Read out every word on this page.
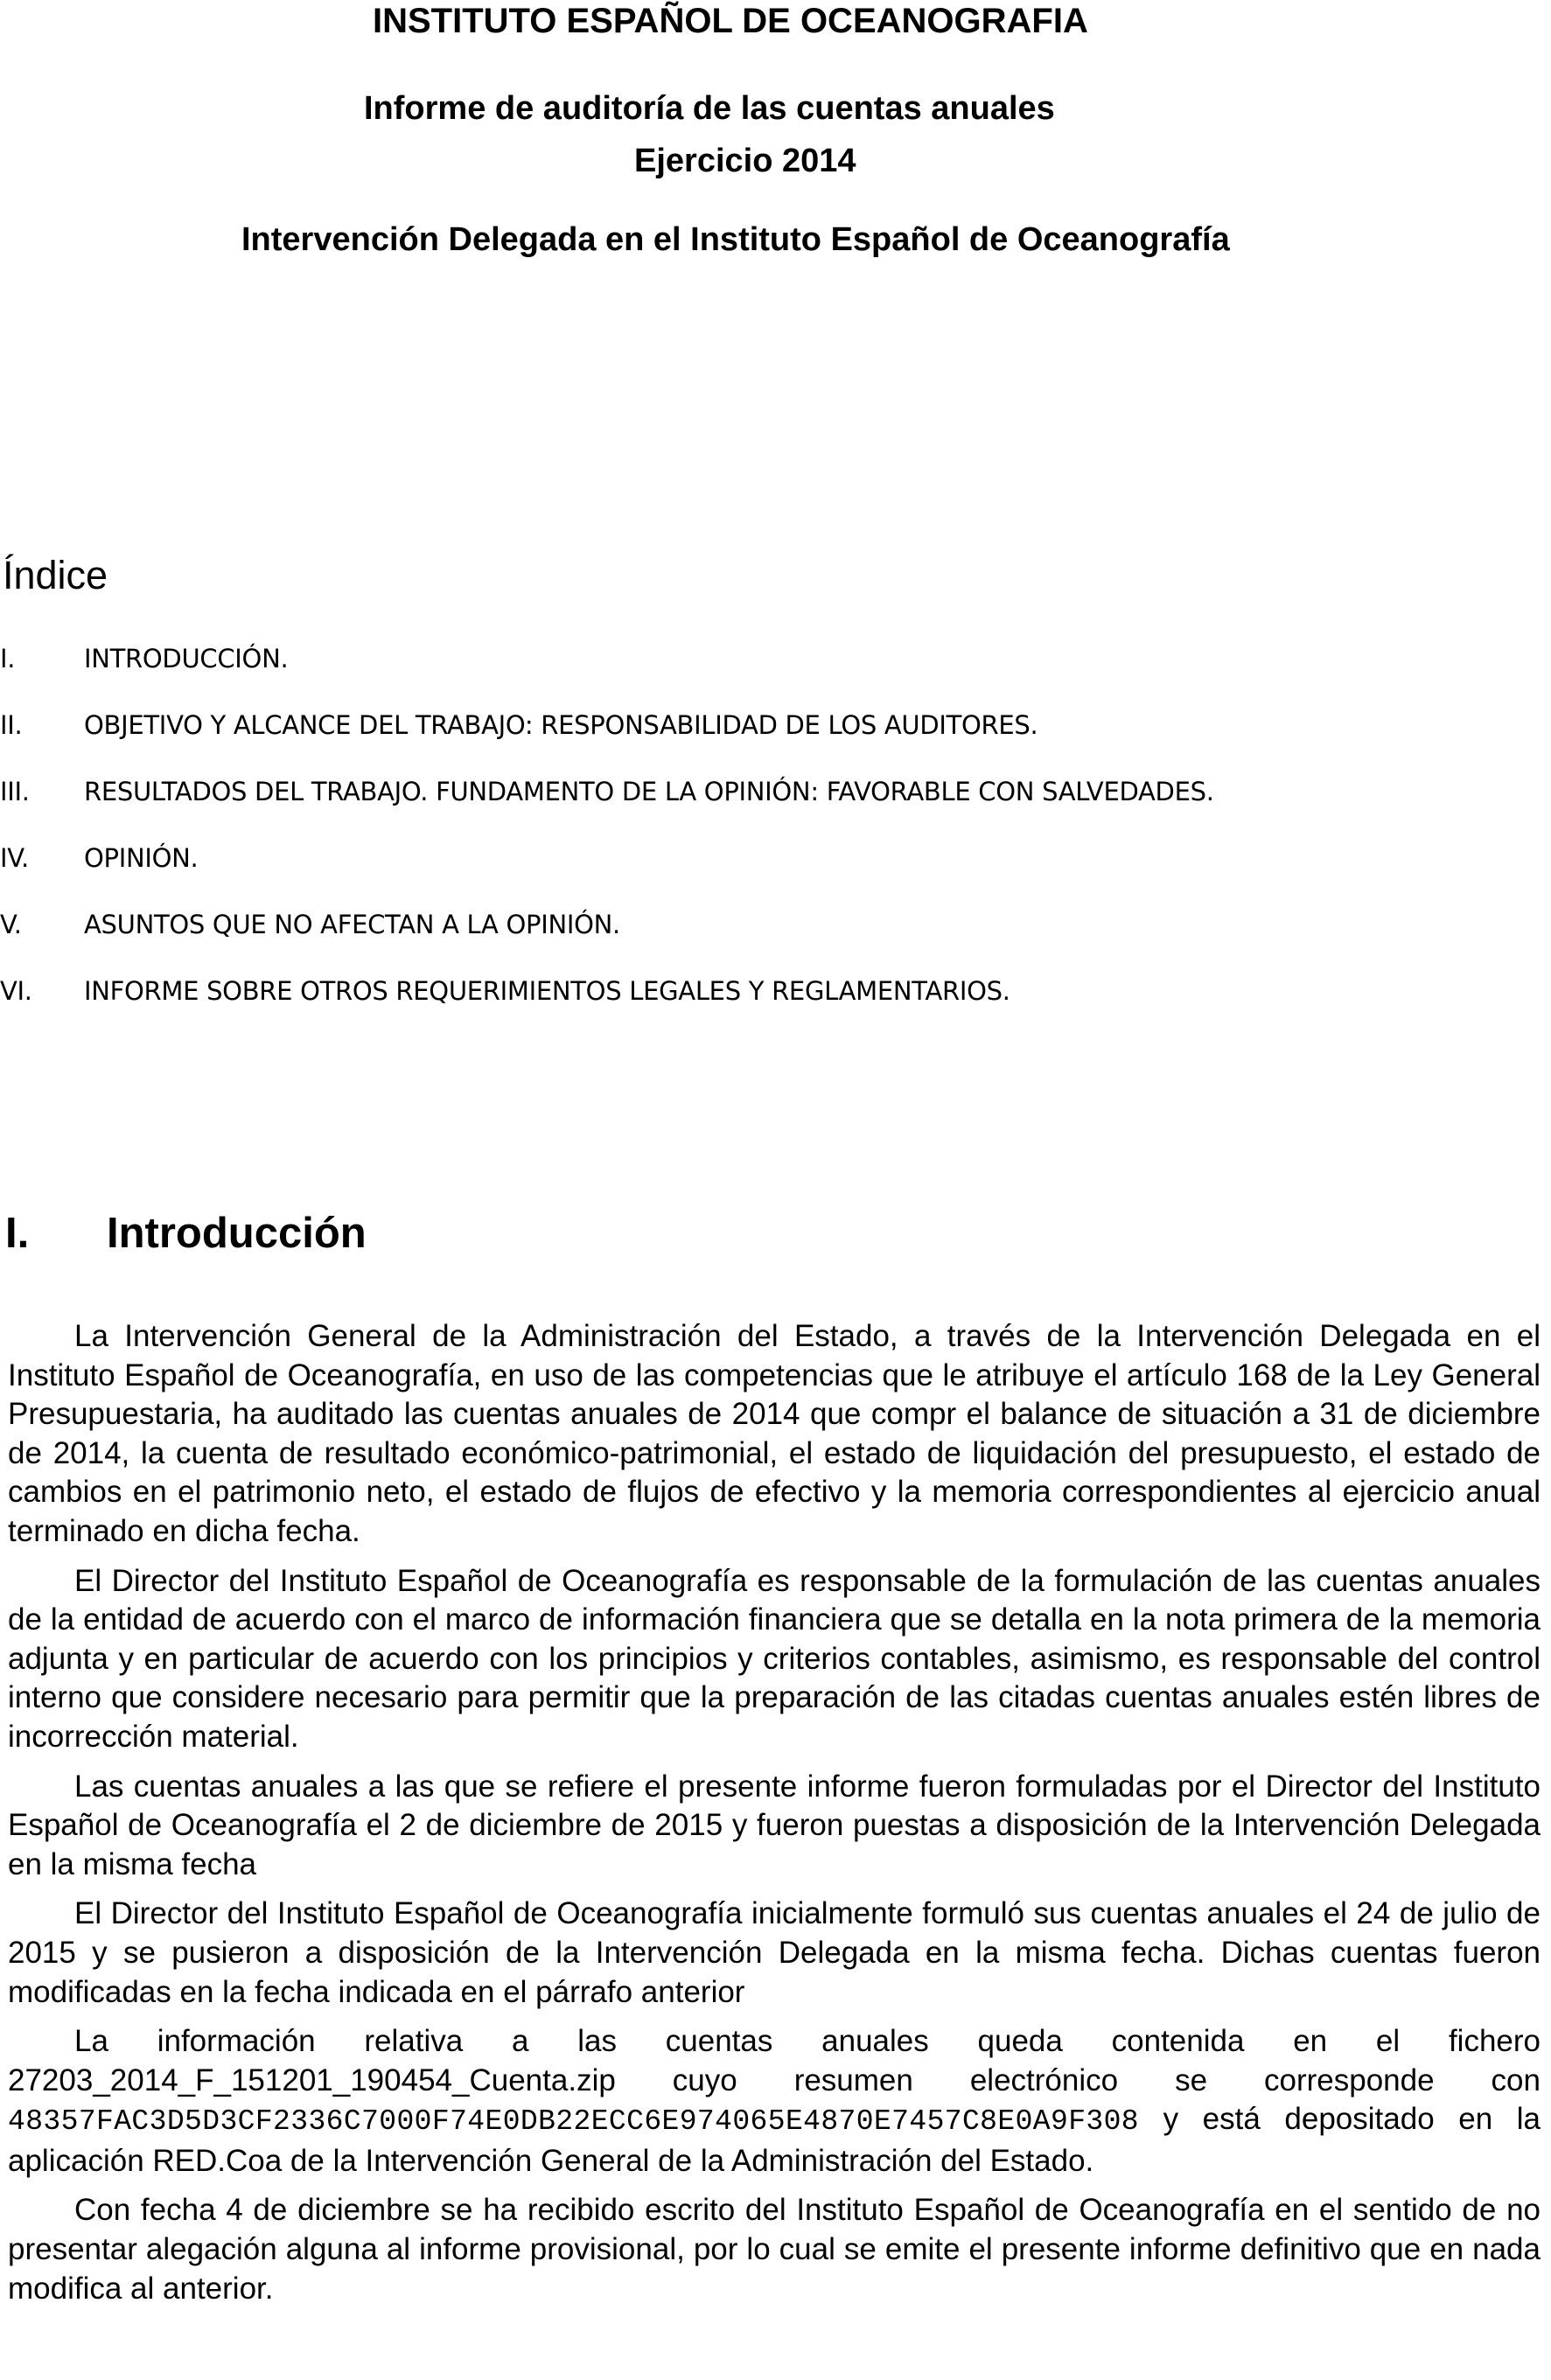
INSTITUTO ESPAÑOL DE OCEANOGRAFIA
Informe de auditoría de las cuentas anuales
Ejercicio 2014
Intervención Delegada en el Instituto Español de Oceanografía
Índice
I.	INTRODUCCIÓN.
II. OBJETIVO Y ALCANCE DEL TRABAJO: RESPONSABILIDAD DE LOS AUDITORES.
III. RESULTADOS DEL TRABAJO. FUNDAMENTO DE LA OPINIÓN: FAVORABLE CON SALVEDADES.
IV. OPINIÓN.
V. ASUNTOS QUE NO AFECTAN A LA OPINIÓN.
VI. INFORME SOBRE OTROS REQUERIMIENTOS LEGALES Y REGLAMENTARIOS.
I. Introducción

La Intervención General de la Administración del Estado, a través de la Intervención Delegada en el Instituto Español de Oceanografía, en uso de las competencias que le atribuye el artículo 168 de la Ley General Presupuestaria, ha auditado las cuentas anuales de 2014 que compr el balance de situación a 31 de diciembre de 2014, la cuenta de resultado económico-patrimonial, el estado de liquidación del presupuesto, el estado de cambios en el patrimonio neto, el estado de flujos de efectivo y la memoria correspondientes al ejercicio anual terminado en dicha fecha.

El Director del Instituto Español de Oceanografía es responsable de la formulación de las cuentas anuales de la entidad de acuerdo con el marco de información financiera que se detalla en la nota primera de la memoria adjunta y en particular de acuerdo con los principios y criterios contables, asimismo, es responsable del control interno que considere necesario para permitir que la preparación de las citadas cuentas anuales estén libres de incorrección material.

Las cuentas anuales a las que se refiere el presente informe fueron formuladas por el Director del Instituto Español de Oceanografía el 2 de diciembre de 2015 y fueron puestas a disposición de la Intervención Delegada en la misma fecha

El Director del Instituto Español de Oceanografía inicialmente formuló sus cuentas anuales el 24 de julio de 2015 y se pusieron a disposición de la Intervención Delegada en la misma fecha. Dichas cuentas fueron modificadas en la fecha indicada en el párrafo anterior

La información relativa a las cuentas anuales queda contenida en el fichero 27203_2014_F_151201_190454_Cuenta.zip cuyo resumen electrónico se corresponde con 48357FAC3D5D3CF2336C7000F74E0DB22ECC6E974065E4870E7457C8E0A9F308 y está depositado en la aplicación RED.Coa de la Intervención General de la Administración del Estado.

Con fecha 4 de diciembre se ha recibido escrito del Instituto Español de Oceanografía en el sentido de no presentar alegación alguna al informe provisional, por lo cual se emite el presente informe definitivo que en nada modifica al anterior.
